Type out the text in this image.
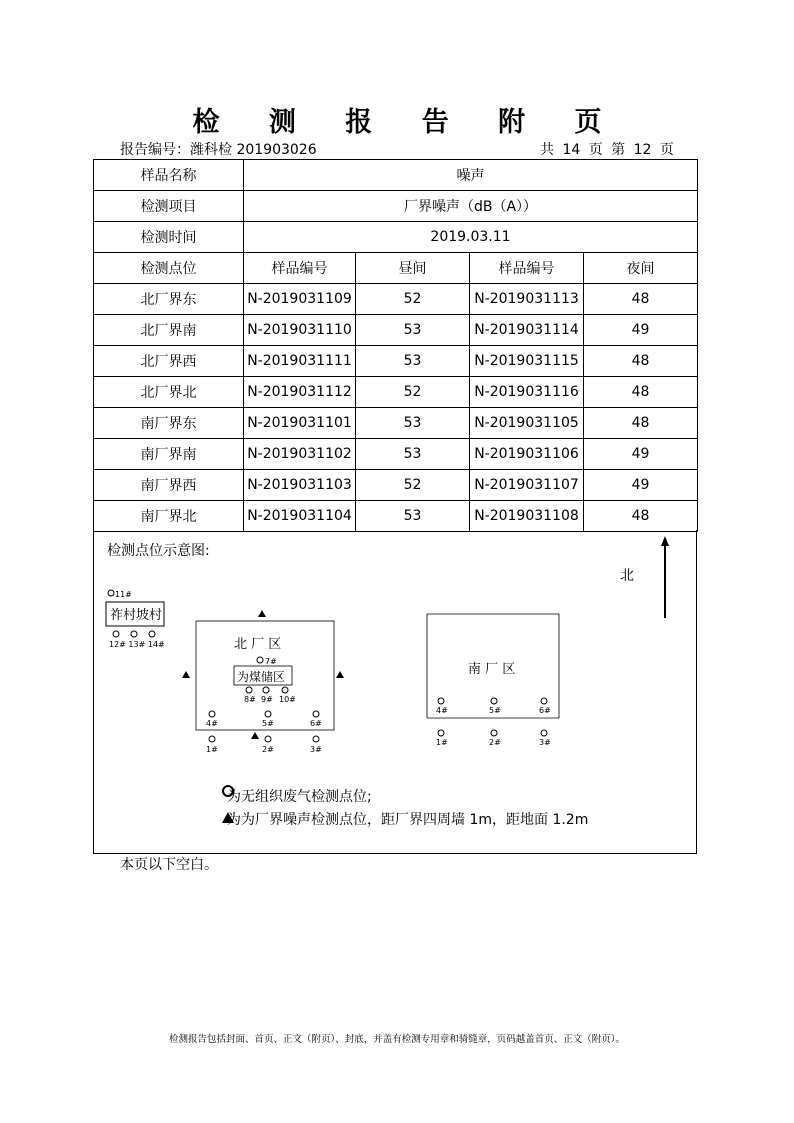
检 测 报 告 附 页
报告编号：潍科检 201903026	共 14 页 第 12 页
样品名称	噪声			
检测项目	厂界噪声（dB（A））			
检测时间	2019.03.11			
检测点位	样品编号	昼间	样品编号	夜间
北厂界东	N-2019031109	52	N-2019031113	48
北厂界南	N-2019031110	53	N-2019031114	49
北厂界西	N-2019031111	53	N-2019031115	48
北厂界北	N-2019031112	52	N-2019031116	48
南厂界东	N-2019031101	53	N-2019031105	48
南厂界南	N-2019031102	53	N-2019031106	49
南厂界西	N-2019031103	52	N-2019031107	49
南厂界北	N-2019031104	53	N-2019031108	48
检测点位示意图:
北
11#
祚村坡村
12# 13# 14#	北 厂 区
7#
为煤储区
8# 9# 10#
4#	5#	6#
1#	2#	3#
南 厂 区
4#	5#	6#
1#	2#	3#
为无组织废气检测点位;
为为厂界噪声检测点位，距厂界四周墙 1m，距地面 1.2m
本页以下空白。
检测报告包括封面、首页、正文（附页）、封底，并盖有检测专用章和骑缝章，页码越盖首页、正文（附页）。
